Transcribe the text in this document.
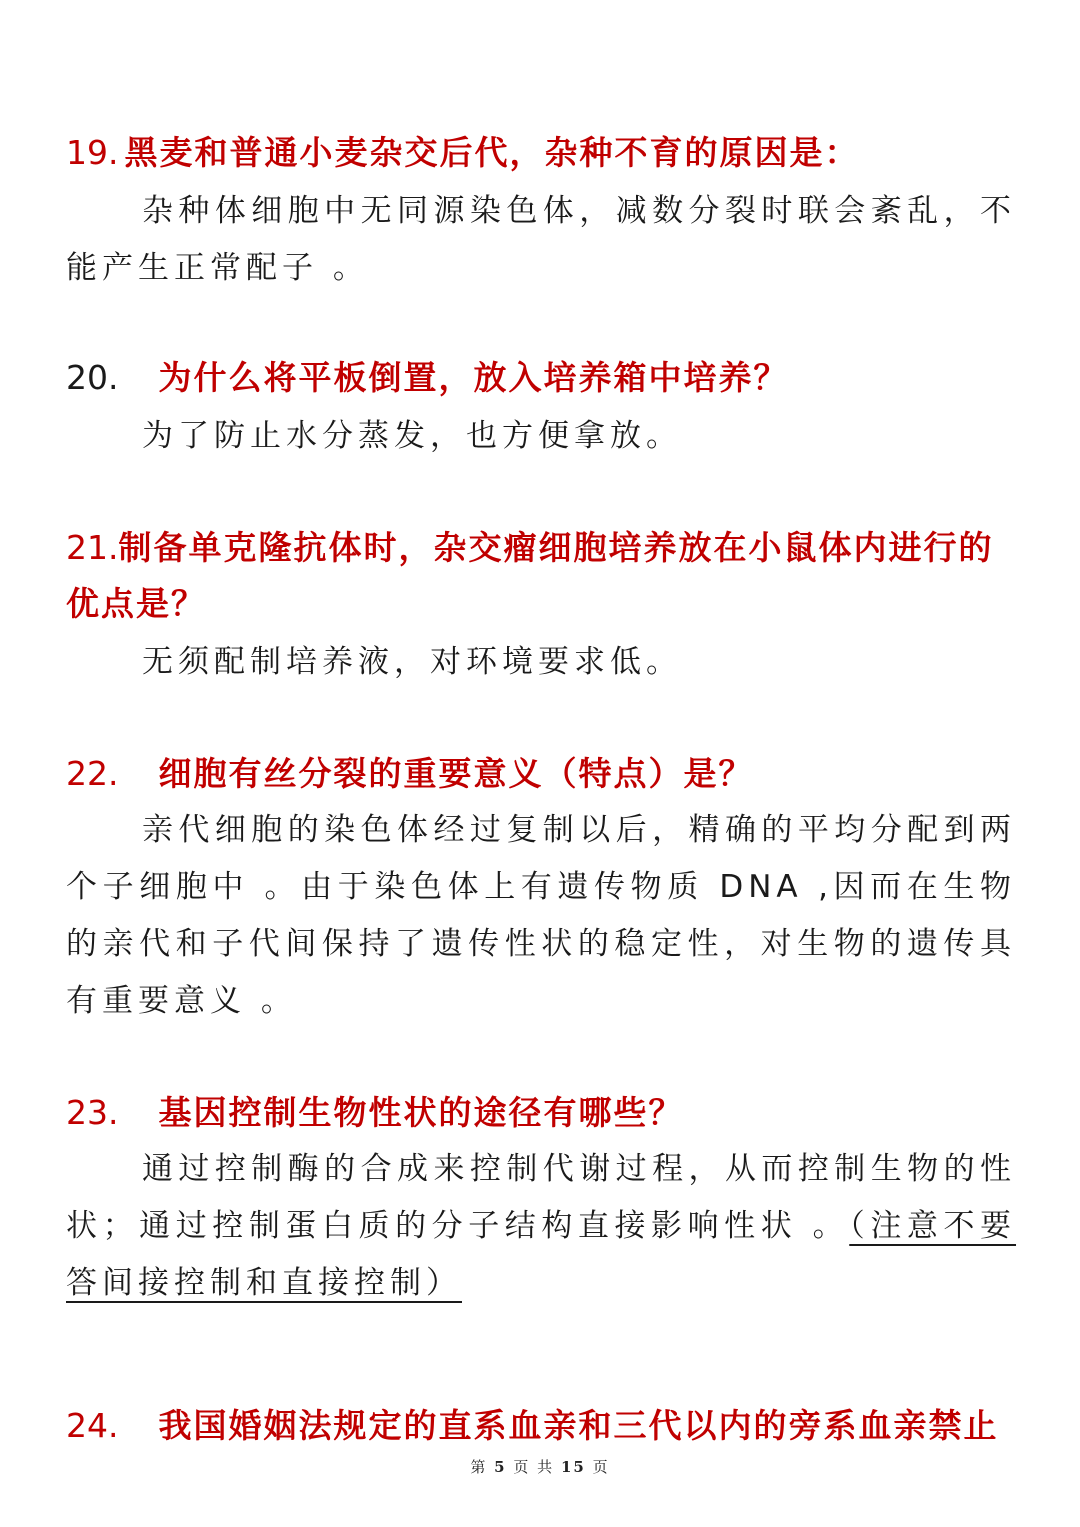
19. 黑麦和普通小麦杂交后代，杂种不育的原因是：
杂种体细胞中无同源染色体，减数分裂时联会紊乱，不能产生正常配子 。
20. 为什么将平板倒置，放入培养箱中培养？
为了防止水分蒸发，也方便拿放。
21.制备单克隆抗体时，杂交瘤细胞培养放在小鼠体内进行的
优点是？
无须配制培养液，对环境要求低。
22. 细胞有丝分裂的重要意义（特点）是？
亲代细胞的染色体经过复制以后，精确的平均分配到两个子细胞中 。由于染色体上有遗传物质 DNA ,因而在生物的亲代和子代间保持了遗传性状的稳定性，对生物的遗传具有重要意义 。
23. 基因控制生物性状的途径有哪些？
通过控制酶的合成来控制代谢过程，从而控制生物的性状；通过控制蛋白质的分子结构直接影响性状 。（注意不要答间接控制和直接控制）
24. 我国婚姻法规定的直系血亲和三代以内的旁系血亲禁止
第 5 页 共 15 页
